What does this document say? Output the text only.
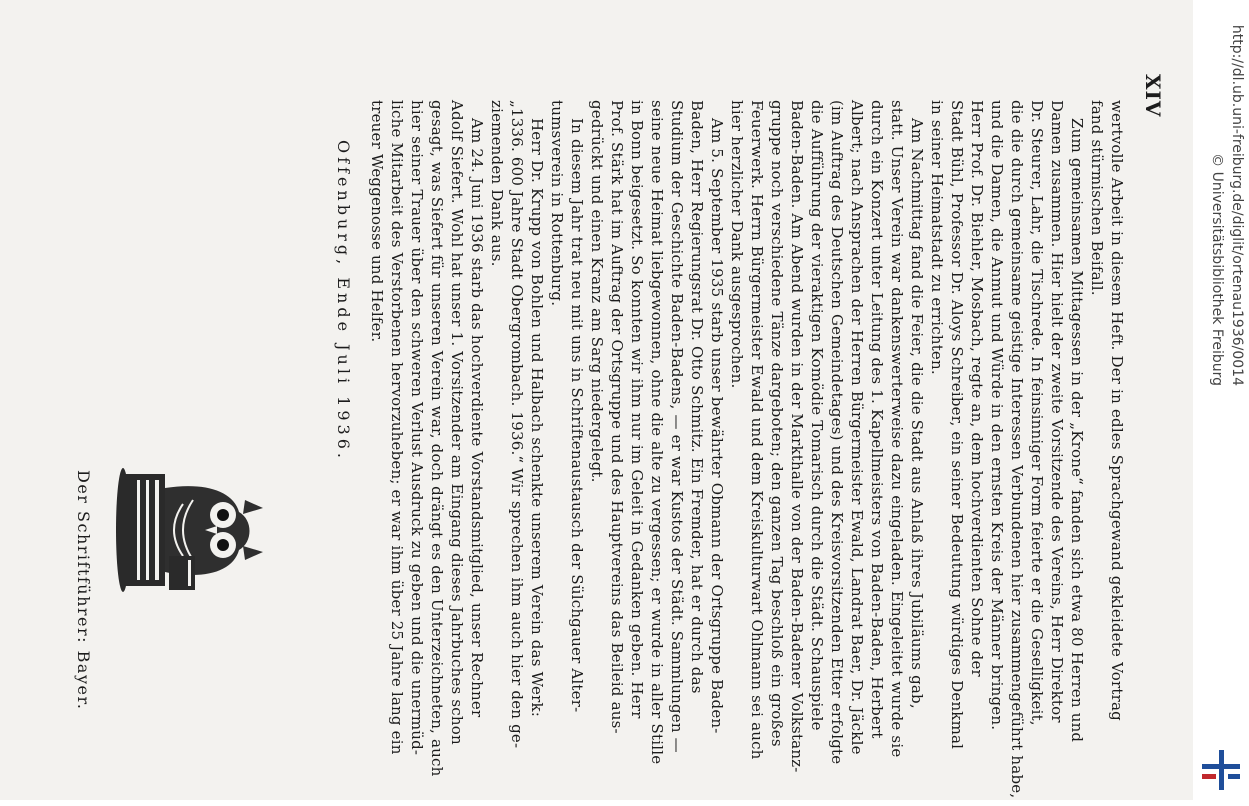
XIV
wertvolle Arbeit in diesem Heft. Der in edles Sprachgewand gekleidete Vortrag
fand stürmischen Beifall.
Zum gemeinsamen Mittagessen in der „Krone“ fanden sich etwa 80 Herren und
Damen zusammen. Hier hielt der zweite Vorsitzende des Vereins, Herr Direktor
Dr. Steurer, Lahr, die Tischrede. In feinsinniger Form feierte er die Geselligkeit,
die die durch gemeinsame geistige Interessen Verbundenen hier zusammengeführt habe,
und die Damen, die Anmut und Würde in den ernsten Kreis der Männer bringen.
Herr Prof. Dr. Biehler, Mosbach, regte an, dem hochverdienten Sohne der
Stadt Bühl, Professor Dr. Aloys Schreiber, ein seiner Bedeutung würdiges Denkmal
in seiner Heimatstadt zu errichten.
Am Nachmittag fand die Feier, die die Stadt aus Anlaß ihres Jubiläums gab,
statt. Unser Verein war dankenswerterweise dazu eingeladen. Eingeleitet wurde sie
durch ein Konzert unter Leitung des 1. Kapellmeisters von Baden-Baden, Herbert
Albert; nach Ansprachen der Herren Bürgermeister Ewald, Landrat Baer, Dr. Jäckle
(im Auftrag des Deutschen Gemeindetages) und des Kreisvorsitzenden Etter erfolgte
die Aufführung der vieraktigen Komödie Tomarisch durch die Städt. Schauspiele
Baden-Baden. Am Abend wurden in der Markthalle von der Baden-Badener Volkstanz-
gruppe noch verschiedene Tänze dargeboten; den ganzen Tag beschloß ein großes
Feuerwerk. Herrn Bürgermeister Ewald und dem Kreiskulturwart Ohlmann sei auch
hier herzlicher Dank ausgesprochen.
Am 5. September 1935 starb unser bewährter Obmann der Ortsgruppe Baden-
Baden, Herr Regierungsrat Dr. Otto Schmitz. Ein Fremder, hat er durch das
Studium der Geschichte Baden-Badens, — er war Kustos der Städt. Sammlungen —
seine neue Heimat liebgewonnen, ohne die alte zu vergessen; er wurde in aller Stille
in Bonn beigesetzt. So konnten wir ihm nur im Geleit in Gedanken geben. Herr
Prof. Stärk hat im Auftrag der Ortsgruppe und des Hauptvereins das Beileid aus-
gedrückt und einen Kranz am Sarg niedergelegt.
In diesem Jahr trat neu mit uns in Schriftenaustausch der Sülchgauer Alter-
tumsverein in Rottenburg.
Herr Dr. Krupp von Bohlen und Halbach schenkte unserem Verein das Werk:
„1336. 600 Jahre Stadt Obergrombach. 1936.“ Wir sprechen ihm auch hier den ge-
ziemenden Dank aus.
Am 24. Juni 1936 starb das hochverdiente Vorstandsmitglied, unser Rechner
Adolf Siefert. Wohl hat unser 1. Vorsitzender am Eingang dieses Jahrbuches schon
gesagt, was Siefert für unseren Verein war, doch drängt es den Unterzeichneten, auch
hier seiner Trauer über den schweren Verlust Ausdruck zu geben und die unermüd-
liche Mitarbeit des Verstorbenen hervorzuheben; er war ihm über 25 Jahre lang ein
treuer Weggenosse und Helfer.
Offenburg, Ende Juli 1936.
Der Schriftführer: Bayer.
http://dl.ub.uni-freiburg.de/diglit/ortenau1936/0014
© Universitätsbibliothek Freiburg
